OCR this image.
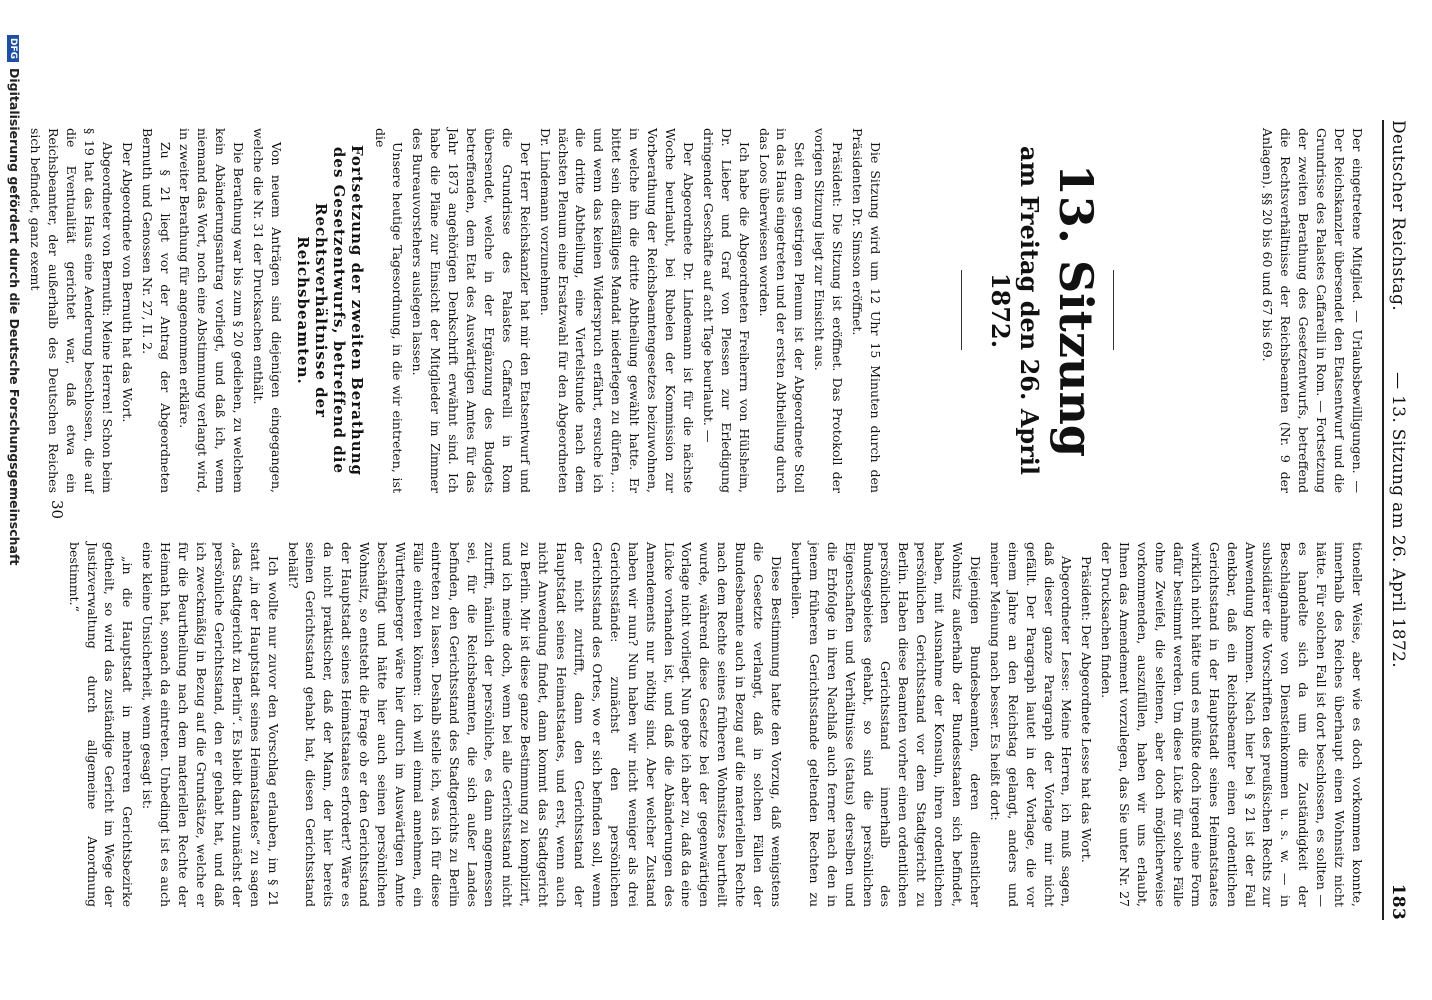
Deutscher Reichstag.
— 13. Sitzung am 26. April 1872.
183

Der eingetretene Mitglied. — Urlaubsbewilligungen. — Der Reichskanzler übersendet den Etatsentwurf und die Grundrisse des Palastes Caffarelli in Rom. — Fortsetzung der zweiten Berathung des Gesetzentwurfs, betreffend die Rechtsverhältnisse der Reichsbeamten (Nr. 9 der Anlagen). §§ 20 bis 60 und 67 bis 69.

13. Sitzung
am Freitag den 26. April 1872.

Die Sitzung wird um 12 Uhr 15 Minuten durch den Präsidenten Dr. Simson eröffnet.

Präsident: Die Sitzung ist eröffnet. Das Protokoll der vorigen Sitzung liegt zur Einsicht aus.

Seit dem gestrigen Plenum ist der Abgeordnete Stoll in das Haus eingetreten und der ersten Abtheilung durch das Loos überwiesen worden.

Ich habe die Abgeordneten Freiherrn von Hülsheim, Dr. Lieber und Graf von Plessen zur Erledigung dringender Geschäfte auf acht Tage beurlaubt. —

Der Abgeordnete Dr. Lindemann ist für die nächste Woche beurlaubt, bei Rubelen der Kommission zur Vorberathung der Reichsbeamtengesetzes beizuwohnen, in welche ihn die dritte Abtheilung gewählt hatte. Er bittet sein diesfälliges Mandat niederlegen zu dürfen, ... und wenn das keinen Widerspruch erfährt, ersuche ich die dritte Abtheilung, eine Viertelstunde nach dem nächsten Plenum eine Ersatzwahl für den Abgeordneten Dr. Lindemann vorzunehmen.

Der Herr Reichskanzler hat mir den Etatsentwurf und die Grundrisse des Palastes Caffarelli in Rom übersendet, welche in der Ergänzung des Budgets betreffenden, dem Etat des Auswärtigen Amtes für das Jahr 1873 angehörigen Denkschrift erwähnt sind. Ich habe die Pläne zur Einsicht der Mitglieder im Zimmer des Bureauvorstehers auslegen lassen.

Unsere heutige Tagesordnung, in die wir eintreten, ist die

Fortsetzung der zweiten Berathung des Gesetzentwurfs, betreffend die Rechtsverhältnisse der Reichsbeamten.

Von neuem Anträgen sind diejenigen eingegangen, welche die Nr. 31 der Drucksachen enthält.

Die Berathung war bis zum § 20 gediehen, zu welchem kein Abänderungsantrag vorliegt, und daß ich, wenn niemand das Wort, noch eine Abstimmung verlangt wird, in zweiter Berathung für angenommen erkläre.

Zu § 21 liegt vor der Antrag der Abgeordneten Bernuth und Genossen Nr. 27, II. 2.

Der Abgeordnete von Bernuth hat das Wort.

Abgeordneter von Bernuth: Meine Herren! Schon beim § 19 hat das Haus eine Aenderung beschlossen, die auf die Eventualität gerichtet war, daß etwa ein Reichsbeamter, der außerhalb des Deutschen Reiches sich befindet, ganz exemt

tioneller Weise, aber wie es doch vorkommen konnte, innerhalb des Reiches überhaupt einen Wohnsitz nicht hätte. Für solchen Fall ist dort beschlossen, es sollten — es handelte sich da um die Zuständigkeit der Beschlagnahme von Diensteinkommen u. s. w. — in subsidiärer die Vorschriften des preußischen Rechts zur Anwendung kommen. Nach hier bei § 21 ist der Fall denkbar, daß ein Reichsbeamter einen ordentlichen Gerichtsstand in der Hauptstadt seines Heimatstaates wirklich nicht hätte und es müßte doch irgend eine Form dafür bestimmt werden. Um diese Lücke für solche Fälle ohne Zweifel, die seltenen, aber doch möglicherweise vorkommenden, auszufüllen, haben wir uns erlaubt, Ihnen das Amendement vorzulegen, das Sie unter Nr. 27 der Drucksachen finden.

Präsident: Der Abgeordnete Lesse hat das Wort.

Abgeordneter Lesse: Meine Herren, ich muß sagen, daß dieser ganze Paragraph der Vorlage mir nicht gefällt. Der Paragraph lautet in der Vorlage, die vor einem Jahre an den Reichstag gelangt, anders und meiner Meinung nach besser. Es heißt dort:

Diejenigen Bundesbeamten, deren dienstlicher Wohnsitz außerhalb der Bundesstaaten sich befindet, haben, mit Ausnahme der Konsuln, ihren ordentlichen persönlichen Gerichtsstand vor dem Stadtgericht zu Berlin. Haben diese Beamten vorher einen ordentlichen persönlichen Gerichtsstand innerhalb des Bundesgebietes gehabt, so sind die persönlichen Eigenschaften und Verhältnisse (status) derselben und die Erbfolge in ihren Nachlaß auch ferner nach den in jenem früheren Gerichtsstande geltenden Rechten zu beurtheilen.

Diese Bestimmung hatte den Vorzug, daß wenigstens die Gesetzte verlangt, daß in solchen Fällen der Bundesbeamte auch in Bezug auf die materiellen Rechte nach dem Rechte seines früheren Wohnsitzes beurtheilt wurde, während diese Gesetze bei der gegenwärtigen Vorlage nicht vorliegt. Nun gebe ich aber zu, daß da eine Lücke vorhanden ist, und daß die Abänderungen des Amendements nur nöthig sind. Aber welcher Zustand haben wir nun? Nun haben wir nicht weniger als drei Gerichtsstände: zunächst den persönlichen Gerichtsstand des Ortes, wo er sich befinden soll, wenn der nicht zutrifft, dann den Gerichtsstand der Hauptstadt seines Heimatstaates, und erst, wenn auch nicht Anwendung findet, dann kommt das Stadtgericht zu Berlin. Mir ist diese ganze Bestimmung zu komplizirt, und ich meine doch, wenn bei alle Gerichtsstand nicht zutrifft, nämlich der persönliche, es dann angemessen sei, für die Reichsbeamten, die sich außer Landes befinden, den Gerichtsstand des Stadtgerichts zu Berlin eintreten zu lassen. Deshalb stelle ich, was ich für diese Fälle eintreten können: ich will einmal annehmen, ein Württemberger wäre hier durch im Auswärtigen Amte beschäftigt und hätte hier auch seinen persönlichen Wohnsitz, so entsteht die Frage ob er den Gerichtsstand der Hauptstadt seines Heimatstaates erfordert? Wäre es da nicht praktischer, daß der Mann, der hier bereits seinen Gerichtsstand gehabt hat, diesen Gerichtsstand behält?

Ich wollte nur zuvor den Vorschlag erlauben, im § 21 statt „in der Hauptstadt seines Heimatstaates“ zu sagen „das Stadtgericht zu Berlin“. Es bleibt dann zunächst der persönliche Gerichtsstand, den er gehabt hat, und daß ich zweckmäßig in Bezug auf die Grundsätze, welche er für die Beurtheilung nach dem materiellen Rechte der Heimath hat, sonach da eintreten. Unbedingt ist es auch eine kleine Unsicherheit, wenn gesagt ist:

„in die Hauptstadt in mehreren Gerichtsbezirke getheilt, so wird das zuständige Gericht im Wege der Justizverwaltung durch allgemeine Anordnung bestimmt.“

30
DFGDigitalisierung gefördert durch die Deutsche Forschungsgemeinschaft
